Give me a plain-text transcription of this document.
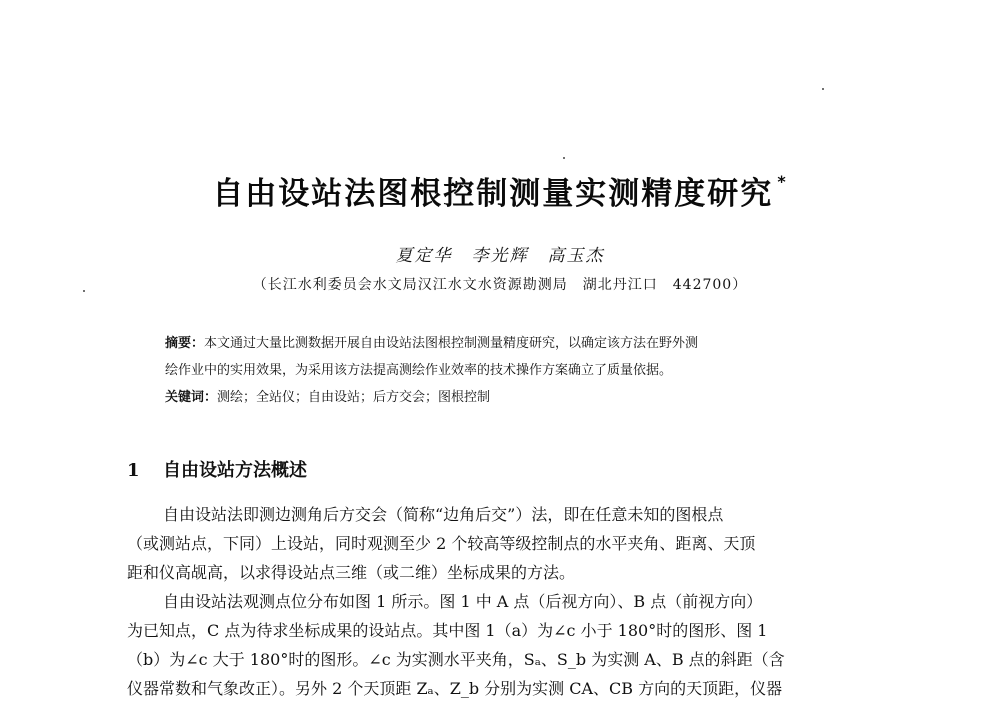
自由设站法图根控制测量实测精度研究 *
夏定华　李光辉　高玉杰
（长江水利委员会水文局汉江水文水资源勘测局　湖北丹江口　442700）
摘要：本文通过大量比测数据开展自由设站法图根控制测量精度研究，以确定该方法在野外测
绘作业中的实用效果，为采用该方法提高测绘作业效率的技术操作方案确立了质量依据。
关键词：测绘；全站仪；自由设站；后方交会；图根控制
1 自由设站方法概述
自由设站法即测边测角后方交会（简称“边角后交”）法，即在任意未知的图根点
（或测站点，下同）上设站，同时观测至少 2 个较高等级控制点的水平夹角、距离、天顶
距和仪高觇高，以求得设站点三维（或二维）坐标成果的方法。
自由设站法观测点位分布如图 1 所示。图 1 中 A 点（后视方向）、B 点（前视方向）
为已知点，C 点为待求坐标成果的设站点。其中图 1（a）为∠c 小于 180°时的图形、图 1
（b）为∠c 大于 180°时的图形。∠c 为实测水平夹角，Sₐ、S_b 为实测 A、B 点的斜距（含
仪器常数和气象改正）。另外 2 个天顶距 Zₐ、Z_b 分别为实测 CA、CB 方向的天顶距，仪器
